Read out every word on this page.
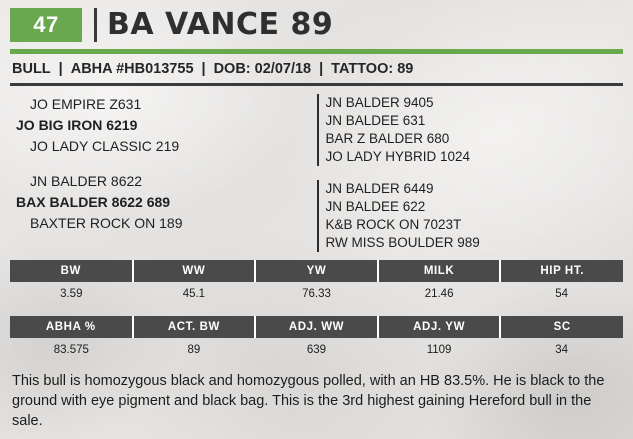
47	BA VANCE 89
BULL | ABHA #HB013755 | DOB: 02/07/18 | TATTOO: 89
JO EMPIRE Z631
JO BIG IRON 6219
JO LADY CLASSIC 219
JN BALDER 8622
BAX BALDER 8622 689
BAXTER ROCK ON 189
JN BALDER 9405
JN BALDEE 631
BAR Z BALDER 680
JO LADY HYBRID 1024
JN BALDER 6449
JN BALDEE 622
K&B ROCK ON 7023T
RW MISS BOULDER 989
BW	WW	YW	MILK	HIP HT.
3.59	45.1	76.33	21.46	54
ABHA %	ACT. BW	ADJ. WW	ADJ. YW	SC
83.575	89	639	1109	34
This bull is homozygous black and homozygous polled, with an HB 83.5%. He is black to the ground with eye pigment and black bag. This is the 3rd highest gaining Hereford bull in the sale.
